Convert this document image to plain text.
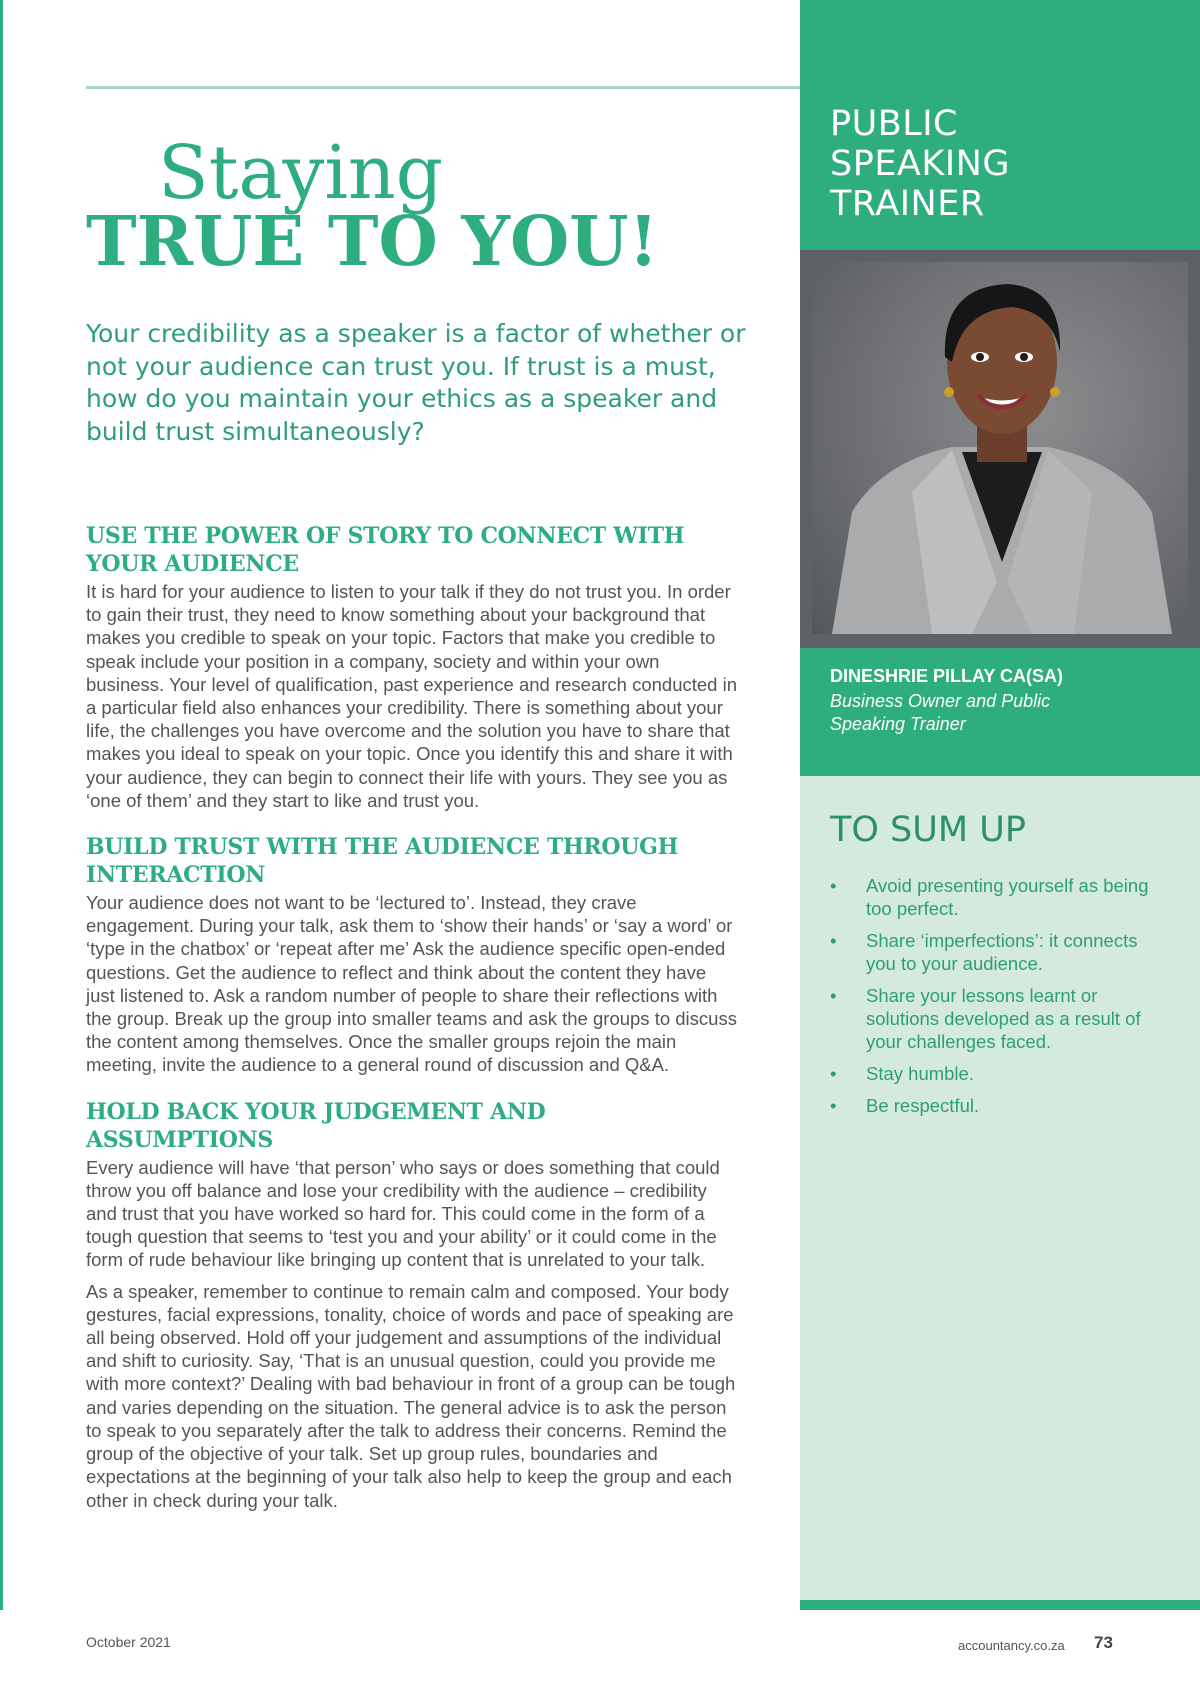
Staying
TRUE TO YOU!

Your credibility as a speaker is a factor of whether or not your audience can trust you. If trust is a must, how do you maintain your ethics as a speaker and build trust simultaneously?

USE THE POWER OF STORY TO CONNECT WITH YOUR AUDIENCE

It is hard for your audience to listen to your talk if they do not trust you. In order to gain their trust, they need to know something about your background that makes you credible to speak on your topic. Factors that make you credible to speak include your position in a company, society and within your own business. Your level of qualification, past experience and research conducted in a particular field also enhances your credibility. There is something about your life, the challenges you have overcome and the solution you have to share that makes you ideal to speak on your topic. Once you identify this and share it with your audience, they can begin to connect their life with yours. They see you as ‘one of them’ and they start to like and trust you.

BUILD TRUST WITH THE AUDIENCE THROUGH INTERACTION

Your audience does not want to be ‘lectured to’. Instead, they crave engagement. During your talk, ask them to ‘show their hands’ or ‘say a word’ or ‘type in the chatbox’ or ‘repeat after me’ Ask the audience specific open-ended questions. Get the audience to reflect and think about the content they have just listened to. Ask a random number of people to share their reflections with the group. Break up the group into smaller teams and ask the groups to discuss the content among themselves. Once the smaller groups rejoin the main meeting, invite the audience to a general round of discussion and Q&A.

HOLD BACK YOUR JUDGEMENT AND ASSUMPTIONS

Every audience will have ‘that person’ who says or does something that could throw you off balance and lose your credibility with the audience – credibility and trust that you have worked so hard for. This could come in the form of a tough question that seems to ‘test you and your ability’ or it could come in the form of rude behaviour like bringing up content that is unrelated to your talk.

As a speaker, remember to continue to remain calm and composed. Your body gestures, facial expressions, tonality, choice of words and pace of speaking are all being observed. Hold off your judgement and assumptions of the individual and shift to curiosity. Say, ‘That is an unusual question, could you provide me with more context?’ Dealing with bad behaviour in front of a group can be tough and varies depending on the situation. The general advice is to ask the person to speak to you separately after the talk to address their concerns. Remind the group of the objective of your talk. Set up group rules, boundaries and expectations at the beginning of your talk also help to keep the group and each other in check during your talk.

PUBLIC
SPEAKING
TRAINER
DINESHRIE PILLAY CA(SA)
Business Owner and Public
Speaking Trainer
TO SUM UP
• Avoid presenting yourself as being too perfect.
• Share ‘imperfections’: it connects you to your audience.
• Share your lessons learnt or solutions developed as a result of your challenges faced.
• Stay humble.
• Be respectful.
October 2021	accountancy.co.za 73
